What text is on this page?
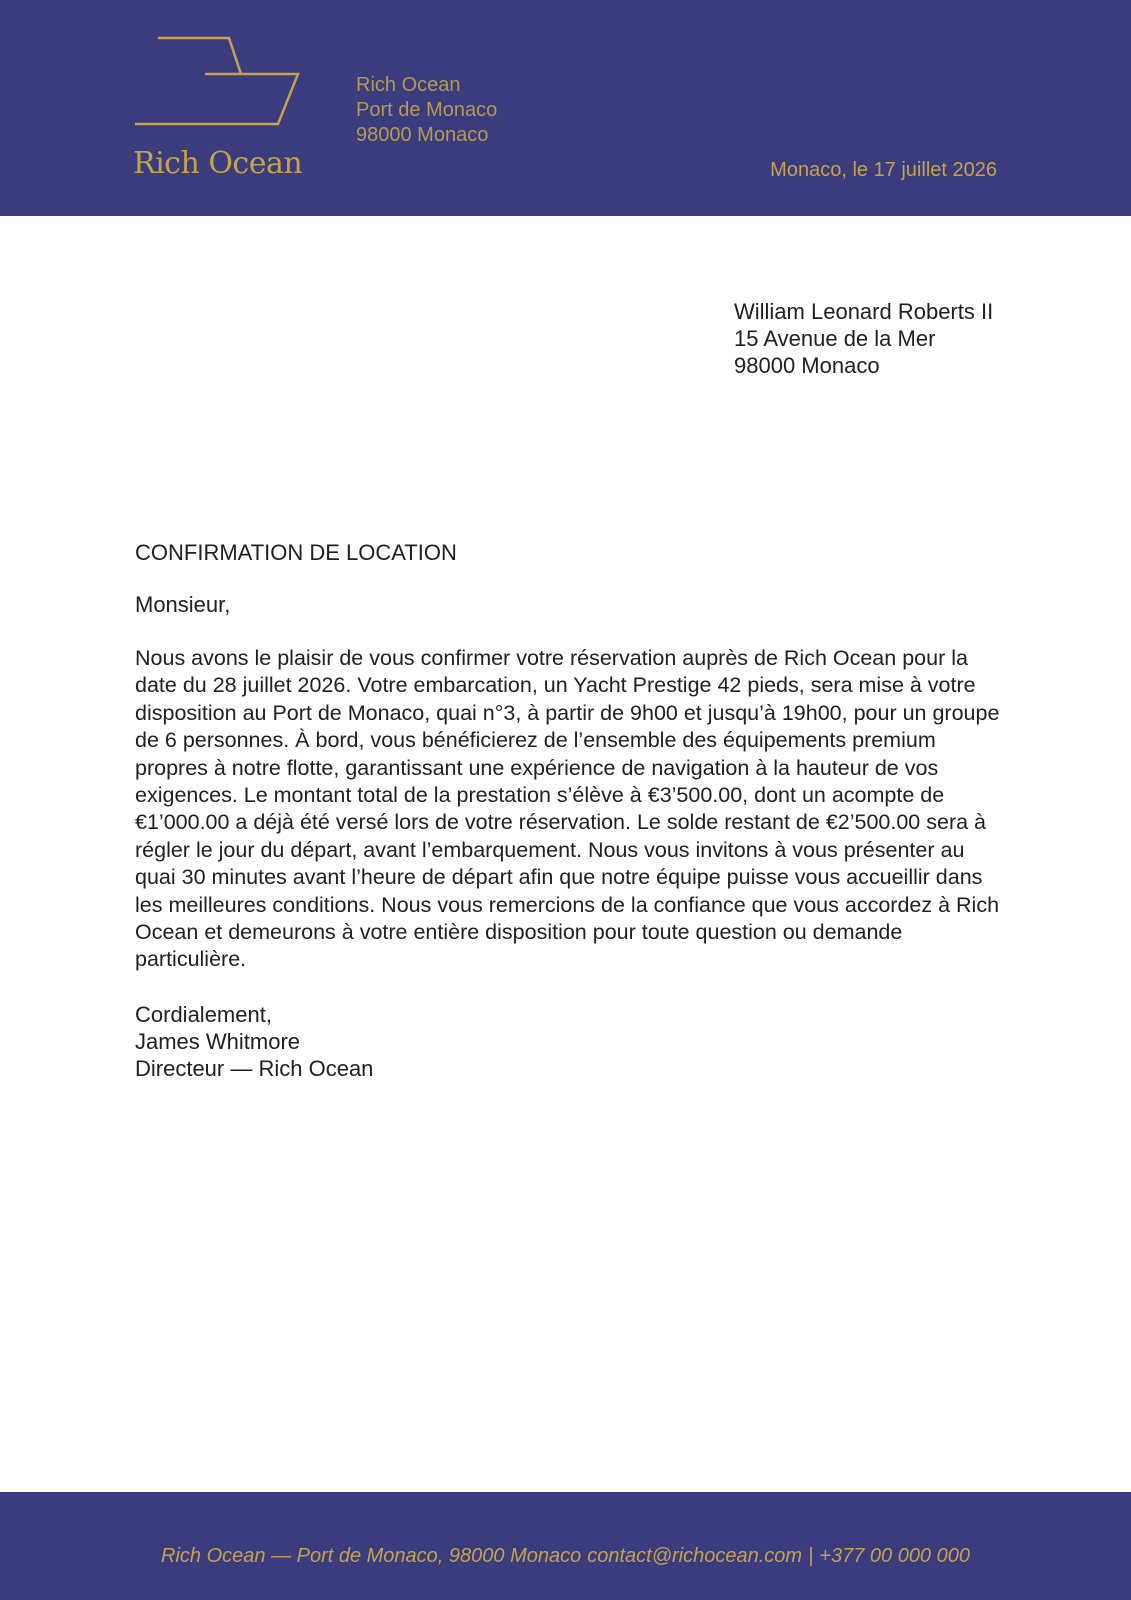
Rich Ocean
Rich Ocean
Port de Monaco
98000 Monaco
Monaco, le 17 juillet 2026
William Leonard Roberts II
15 Avenue de la Mer
98000 Monaco
CONFIRMATION DE LOCATION
Monsieur,
Nous avons le plaisir de vous confirmer votre réservation auprès de Rich Ocean pour la date du 28 juillet 2026. Votre embarcation, un Yacht Prestige 42 pieds, sera mise à votre disposition au Port de Monaco, quai n°3, à partir de 9h00 et jusqu’à 19h00, pour un groupe de 6 personnes. À bord, vous bénéficierez de l’ensemble des équipements premium propres à notre flotte, garantissant une expérience de navigation à la hauteur de vos exigences. Le montant total de la prestation s’élève à €3’500.00, dont un acompte de €1’000.00 a déjà été versé lors de votre réservation. Le solde restant de €2’500.00 sera à régler le jour du départ, avant l’embarquement. Nous vous invitons à vous présenter au quai 30 minutes avant l’heure de départ afin que notre équipe puisse vous accueillir dans les meilleures conditions. Nous vous remercions de la confiance que vous accordez à Rich Ocean et demeurons à votre entière disposition pour toute question ou demande particulière.
Cordialement,
James Whitmore
Directeur — Rich Ocean
Rich Ocean — Port de Monaco, 98000 Monaco contact@richocean.com | +377 00 000 000
